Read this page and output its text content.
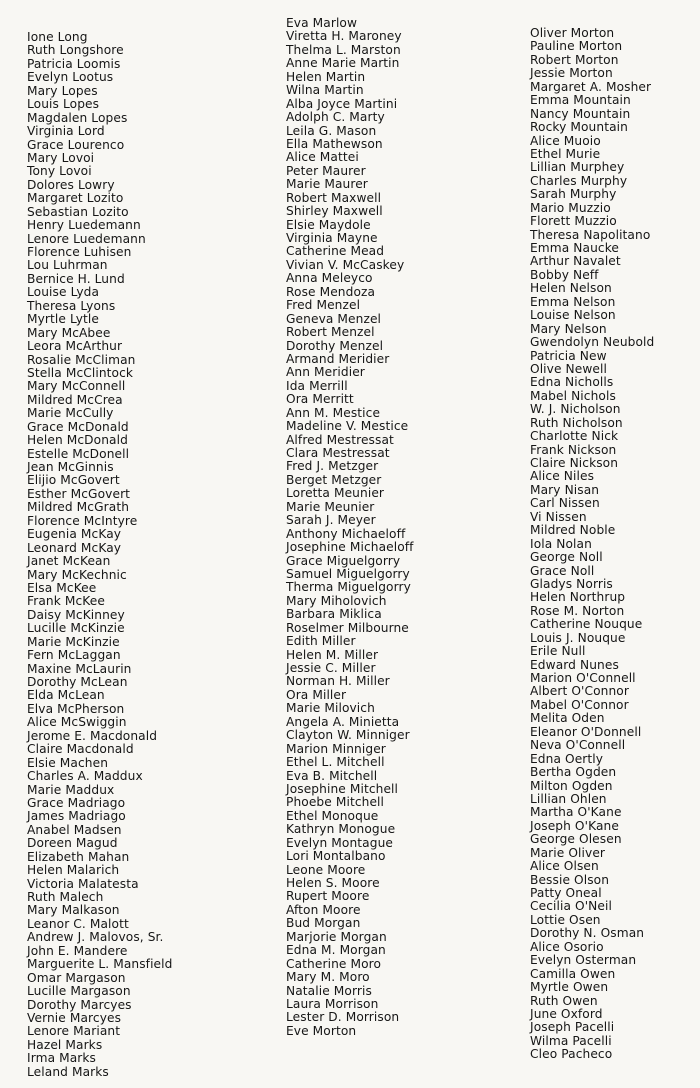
Ione Long
Ruth Longshore
Patricia Loomis
Evelyn Lootus
Mary Lopes
Louis Lopes
Magdalen Lopes
Virginia Lord
Grace Lourenco
Mary Lovoi
Tony Lovoi
Dolores Lowry
Margaret Lozito
Sebastian Lozito
Henry Luedemann
Lenore Luedemann
Florence Luhisen
Lou Luhrman
Bernice H. Lund
Louise Lyda
Theresa Lyons
Myrtle Lytle
Mary McAbee
Leora McArthur
Rosalie McCliman
Stella McClintock
Mary McConnell
Mildred McCrea
Marie McCully
Grace McDonald
Helen McDonald
Estelle McDonell
Jean McGinnis
Elijio McGovert
Esther McGovert
Mildred McGrath
Florence McIntyre
Eugenia McKay
Leonard McKay
Janet McKean
Mary McKechnic
Elsa McKee
Frank McKee
Daisy McKinney
Lucille McKinzie
Marie McKinzie
Fern McLaggan
Maxine McLaurin
Dorothy McLean
Elda McLean
Elva McPherson
Alice McSwiggin
Jerome E. Macdonald
Claire Macdonald
Elsie Machen
Charles A. Maddux
Marie Maddux
Grace Madriago
James Madriago
Anabel Madsen
Doreen Magud
Elizabeth Mahan
Helen Malarich
Victoria Malatesta
Ruth Malech
Mary Malkason
Leanor C. Malott
Andrew J. Malovos, Sr.
John E. Mandere
Marguerite L. Mansfield
Omar Margason
Lucille Margason
Dorothy Marcyes
Vernie Marcyes
Lenore Mariant
Hazel Marks
Irma Marks
Leland Marks
Eva Marlow
Viretta H. Maroney
Thelma L. Marston
Anne Marie Martin
Helen Martin
Wilna Martin
Alba Joyce Martini
Adolph C. Marty
Leila G. Mason
Ella Mathewson
Alice Mattei
Peter Maurer
Marie Maurer
Robert Maxwell
Shirley Maxwell
Elsie Maydole
Virginia Mayne
Catherine Mead
Vivian V. McCaskey
Anna Meleyco
Rose Mendoza
Fred Menzel
Geneva Menzel
Robert Menzel
Dorothy Menzel
Armand Meridier
Ann Meridier
Ida Merrill
Ora Merritt
Ann M. Mestice
Madeline V. Mestice
Alfred Mestressat
Clara Mestressat
Fred J. Metzger
Berget Metzger
Loretta Meunier
Marie Meunier
Sarah J. Meyer
Anthony Michaeloff
Josephine Michaeloff
Grace Miguelgorry
Samuel Miguelgorry
Therma Miguelgorry
Mary Miholovich
Barbara Miklica
Roselmer Milbourne
Edith Miller
Helen M. Miller
Jessie C. Miller
Norman H. Miller
Ora Miller
Marie Milovich
Angela A. Minietta
Clayton W. Minniger
Marion Minniger
Ethel L. Mitchell
Eva B. Mitchell
Josephine Mitchell
Phoebe Mitchell
Ethel Monoque
Kathryn Monogue
Evelyn Montague
Lori Montalbano
Leone Moore
Helen S. Moore
Rupert Moore
Afton Moore
Bud Morgan
Marjorie Morgan
Edna M. Morgan
Catherine Moro
Mary M. Moro
Natalie Morris
Laura Morrison
Lester D. Morrison
Eve Morton
Oliver Morton
Pauline Morton
Robert Morton
Jessie Morton
Margaret A. Mosher
Emma Mountain
Nancy Mountain
Rocky Mountain
Alice Muoio
Ethel Murie
Lillian Murphey
Charles Murphy
Sarah Murphy
Mario Muzzio
Florett Muzzio
Theresa Napolitano
Emma Naucke
Arthur Navalet
Bobby Neff
Helen Nelson
Emma Nelson
Louise Nelson
Mary Nelson
Gwendolyn Neubold
Patricia New
Olive Newell
Edna Nicholls
Mabel Nichols
W. J. Nicholson
Ruth Nicholson
Charlotte Nick
Frank Nickson
Claire Nickson
Alice Niles
Mary Nisan
Carl Nissen
Vi Nissen
Mildred Noble
Iola Nolan
George Noll
Grace Noll
Gladys Norris
Helen Northrup
Rose M. Norton
Catherine Nouque
Louis J. Nouque
Erile Null
Edward Nunes
Marion O'Connell
Albert O'Connor
Mabel O'Connor
Melita Oden
Eleanor O'Donnell
Neva O'Connell
Edna Oertly
Bertha Ogden
Milton Ogden
Lillian Ohlen
Martha O'Kane
Joseph O'Kane
George Olesen
Marie Oliver
Alice Olsen
Bessie Olson
Patty Oneal
Cecilia O'Neil
Lottie Osen
Dorothy N. Osman
Alice Osorio
Evelyn Osterman
Camilla Owen
Myrtle Owen
Ruth Owen
June Oxford
Joseph Pacelli
Wilma Pacelli
Cleo Pacheco
